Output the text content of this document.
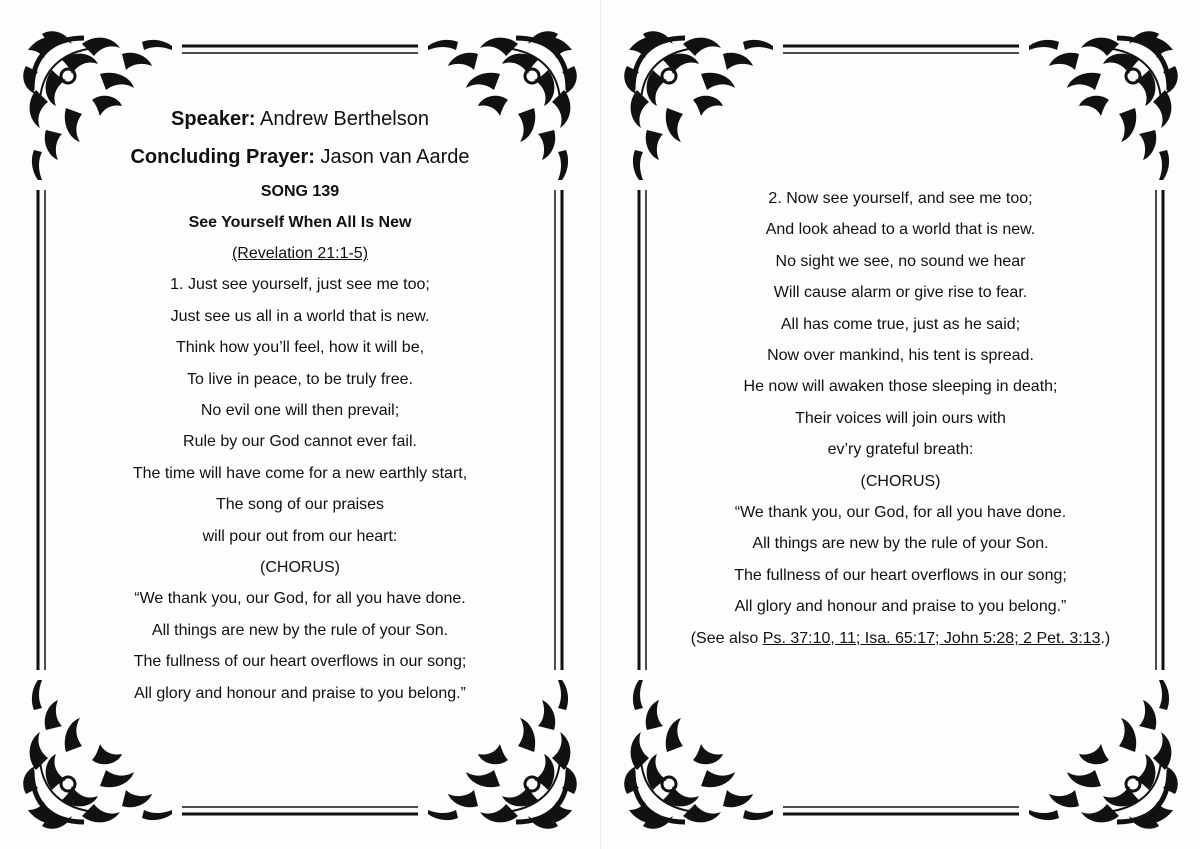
Speaker: Andrew Berthelson
Concluding Prayer: Jason van Aarde
SONG 139
See Yourself When All Is New
(Revelation 21:1-5)
1. Just see yourself, just see me too;
Just see us all in a world that is new.
Think how you’ll feel, how it will be,
To live in peace, to be truly free.
No evil one will then prevail;
Rule by our God cannot ever fail.
The time will have come for a new earthly start,
The song of our praises
will pour out from our heart:
(CHORUS)
“We thank you, our God, for all you have done.
All things are new by the rule of your Son.
The fullness of our heart overflows in our song;
All glory and honour and praise to you belong.”
2. Now see yourself, and see me too;
And look ahead to a world that is new.
No sight we see, no sound we hear
Will cause alarm or give rise to fear.
All has come true, just as he said;
Now over mankind, his tent is spread.
He now will awaken those sleeping in death;
Their voices will join ours with
ev’ry grateful breath:
(CHORUS)
“We thank you, our God, for all you have done.
All things are new by the rule of your Son.
The fullness of our heart overflows in our song;
All glory and honour and praise to you belong.”
(See also Ps. 37:10, 11; Isa. 65:17; John 5:28; 2 Pet. 3:13.)
